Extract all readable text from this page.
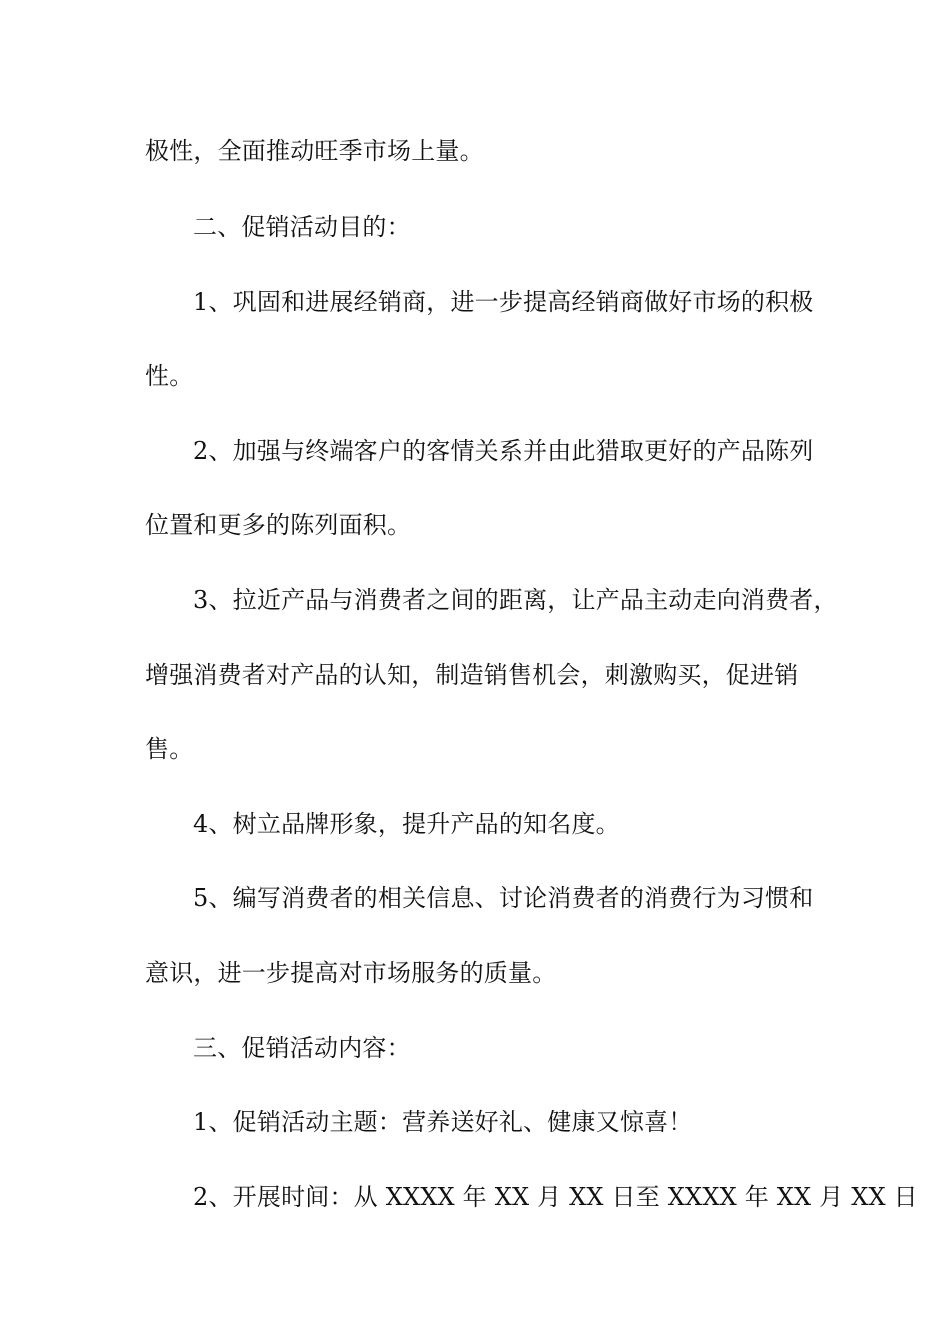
极性，全面推动旺季市场上量。
二、促销活动目的：
1、巩固和进展经销商，进一步提高经销商做好市场的积极
性。
2、加强与终端客户的客情关系并由此猎取更好的产品陈列
位置和更多的陈列面积。
3、拉近产品与消费者之间的距离，让产品主动走向消费者，
增强消费者对产品的认知，制造销售机会，刺激购买，促进销
售。
4、树立品牌形象，提升产品的知名度。
5、编写消费者的相关信息、讨论消费者的消费行为习惯和
意识，进一步提高对市场服务的质量。
三、促销活动内容：
1、促销活动主题：营养送好礼、健康又惊喜！
2、开展时间：从 XXXX 年 XX 月 XX 日至 XXXX 年 XX 月 XX 日
